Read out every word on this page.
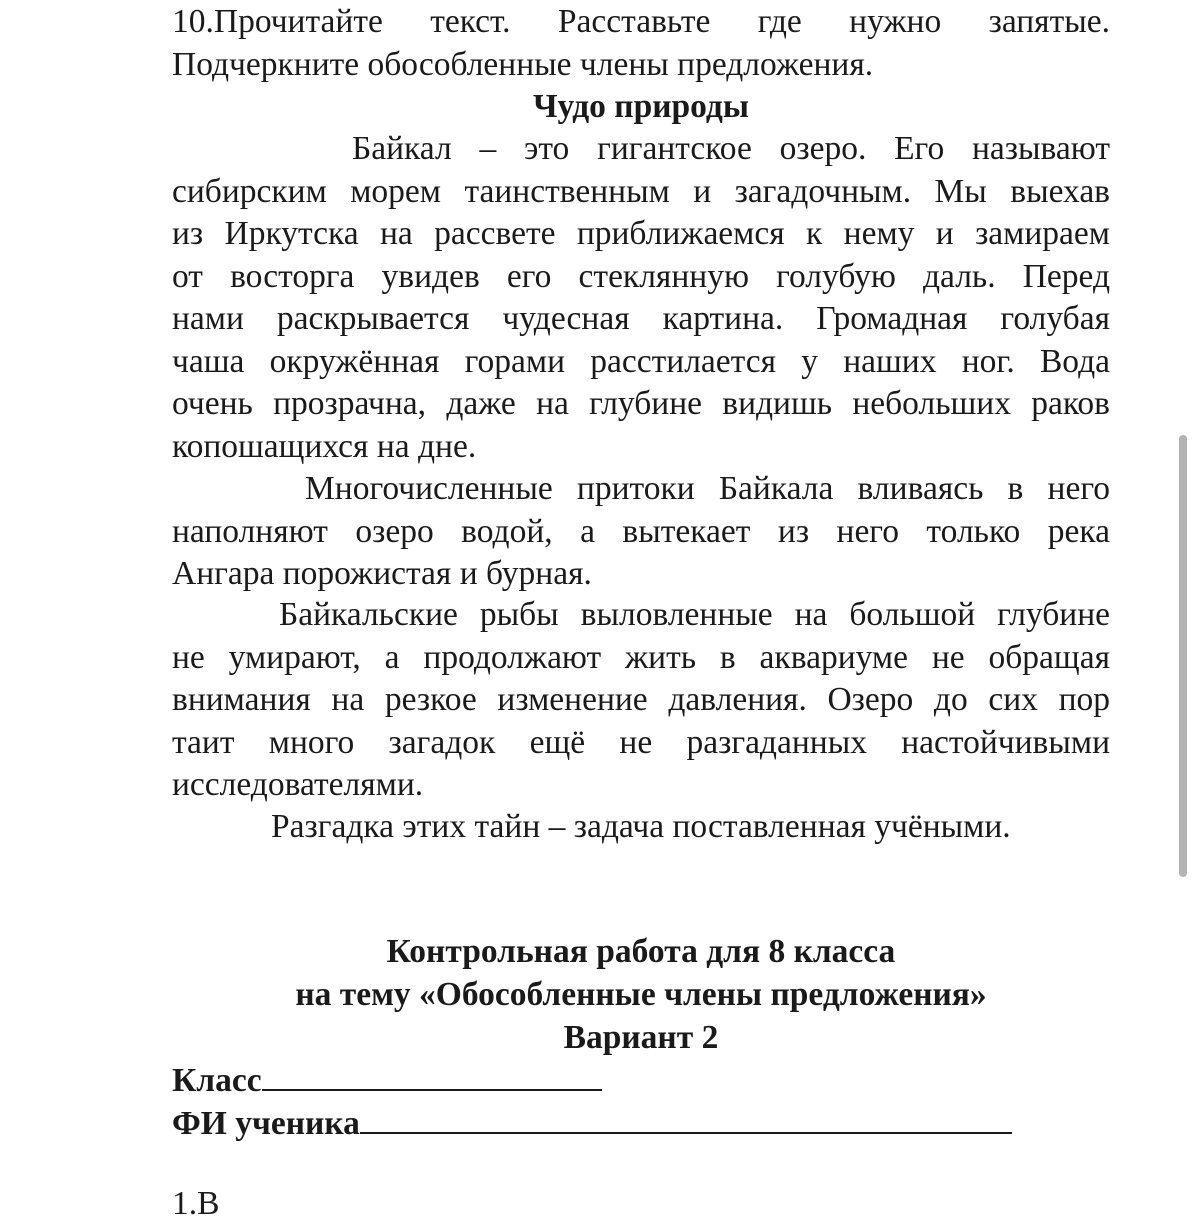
10.Прочитайте текст. Расставьте где нужно запятые.
Подчеркните обособленные члены предложения.
Чудо природы
Байкал – это гигантское озеро. Его называют
сибирским морем таинственным и загадочным. Мы выехав
из Иркутска на рассвете приближаемся к нему и замираем
от восторга увидев его стеклянную голубую даль. Перед
нами раскрывается чудесная картина. Громадная голубая
чаша окружённая горами расстилается у наших ног. Вода
очень прозрачна, даже на глубине видишь небольших раков
копошащихся на дне.
Многочисленные притоки Байкала вливаясь в него
наполняют озеро водой, а вытекает из него только река
Ангара порожистая и бурная.
Байкальские рыбы выловленные на большой глубине
не умирают, а продолжают жить в аквариуме не обращая
внимания на резкое изменение давления. Озеро до сих пор
таит много загадок ещё не разгаданных настойчивыми
исследователями.
Разгадка этих тайн – задача поставленная учёными.
Контрольная работа для 8 класса
на тему «Обособленные члены предложения»
Вариант 2
Класс
ФИ ученика
1.В
